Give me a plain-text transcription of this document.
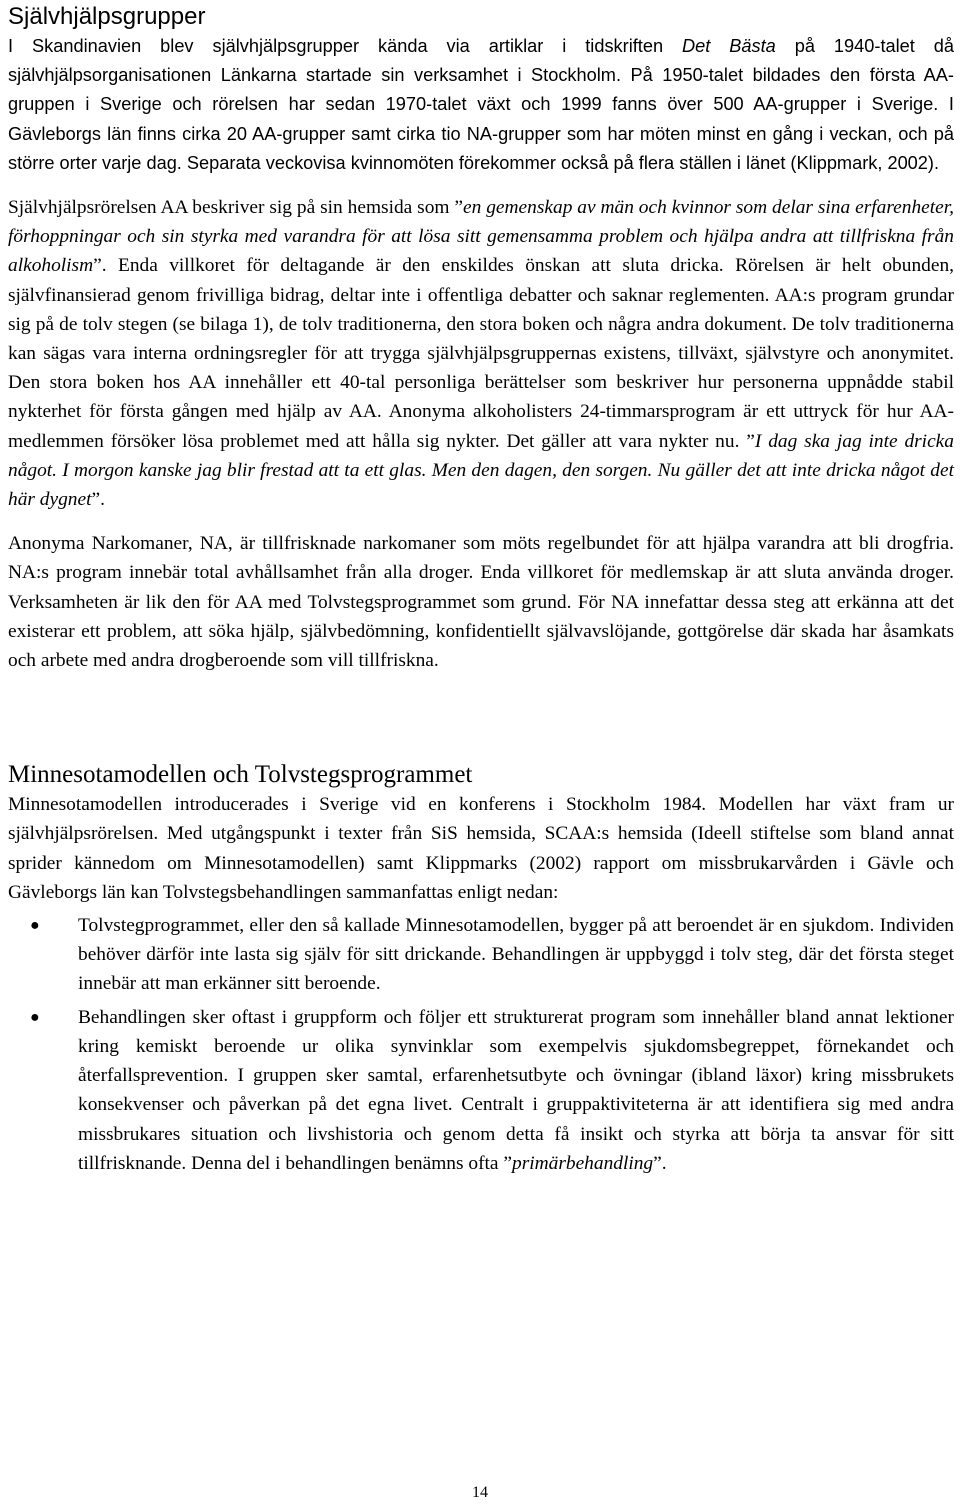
Självhjälpsgrupper

I Skandinavien blev självhjälpsgrupper kända via artiklar i tidskriften Det Bästa på 1940-talet då självhjälpsorganisationen Länkarna startade sin verksamhet i Stockholm. På 1950-talet bildades den första AA-gruppen i Sverige och rörelsen har sedan 1970-talet växt och 1999 fanns över 500 AA-grupper i Sverige. I Gävleborgs län finns cirka 20 AA-grupper samt cirka tio NA-grupper som har möten minst en gång i veckan, och på större orter varje dag. Separata veckovisa kvinnomöten förekommer också på flera ställen i länet (Klippmark, 2002).

Självhjälpsrörelsen AA beskriver sig på sin hemsida som ”en gemenskap av män och kvinnor som delar sina erfarenheter, förhoppningar och sin styrka med varandra för att lösa sitt gemensamma problem och hjälpa andra att tillfriskna från alkoholism”. Enda villkoret för deltagande är den enskildes önskan att sluta dricka. Rörelsen är helt obunden, självfinansierad genom frivilliga bidrag, deltar inte i offentliga debatter och saknar reglementen. AA:s program grundar sig på de tolv stegen (se bilaga 1), de tolv traditionerna, den stora boken och några andra dokument. De tolv traditionerna kan sägas vara interna ordningsregler för att trygga självhjälpsgruppernas existens, tillväxt, självstyre och anonymitet. Den stora boken hos AA innehåller ett 40-tal personliga berättelser som beskriver hur personerna uppnådde stabil nykterhet för första gången med hjälp av AA. Anonyma alkoholisters 24-timmarsprogram är ett uttryck för hur AA-medlemmen försöker lösa problemet med att hålla sig nykter. Det gäller att vara nykter nu. ”I dag ska jag inte dricka något. I morgon kanske jag blir frestad att ta ett glas. Men den dagen, den sorgen. Nu gäller det att inte dricka något det här dygnet”.

Anonyma Narkomaner, NA, är tillfrisknade narkomaner som möts regelbundet för att hjälpa varandra att bli drogfria. NA:s program innebär total avhållsamhet från alla droger. Enda villkoret för medlemskap är att sluta använda droger. Verksamheten är lik den för AA med Tolvstegsprogrammet som grund. För NA innefattar dessa steg att erkänna att det existerar ett problem, att söka hjälp, självbedömning, konfidentiellt självavslöjande, gottgörelse där skada har åsamkats och arbete med andra drogberoende som vill tillfriskna.

Minnesotamodellen och Tolvstegsprogrammet

Minnesotamodellen introducerades i Sverige vid en konferens i Stockholm 1984. Modellen har växt fram ur självhjälpsrörelsen. Med utgångspunkt i texter från SiS hemsida, SCAA:s hemsida (Ideell stiftelse som bland annat sprider kännedom om Minnesotamodellen) samt Klippmarks (2002) rapport om missbrukarvården i Gävle och Gävleborgs län kan Tolvstegsbehandlingen sammanfattas enligt nedan:

● Tolvstegprogrammet, eller den så kallade Minnesotamodellen, bygger på att beroendet är en sjukdom. Individen behöver därför inte lasta sig själv för sitt drickande. Behandlingen är uppbyggd i tolv steg, där det första steget innebär att man erkänner sitt beroende.
● Behandlingen sker oftast i gruppform och följer ett strukturerat program som innehåller bland annat lektioner kring kemiskt beroende ur olika synvinklar som exempelvis sjukdomsbegreppet, förnekandet och återfallsprevention. I gruppen sker samtal, erfarenhetsutbyte och övningar (ibland läxor) kring missbrukets konsekvenser och påverkan på det egna livet. Centralt i gruppaktiviteterna är att identifiera sig med andra missbrukares situation och livshistoria och genom detta få insikt och styrka att börja ta ansvar för sitt tillfrisknande. Denna del i behandlingen benämns ofta ”primärbehandling”.
14
